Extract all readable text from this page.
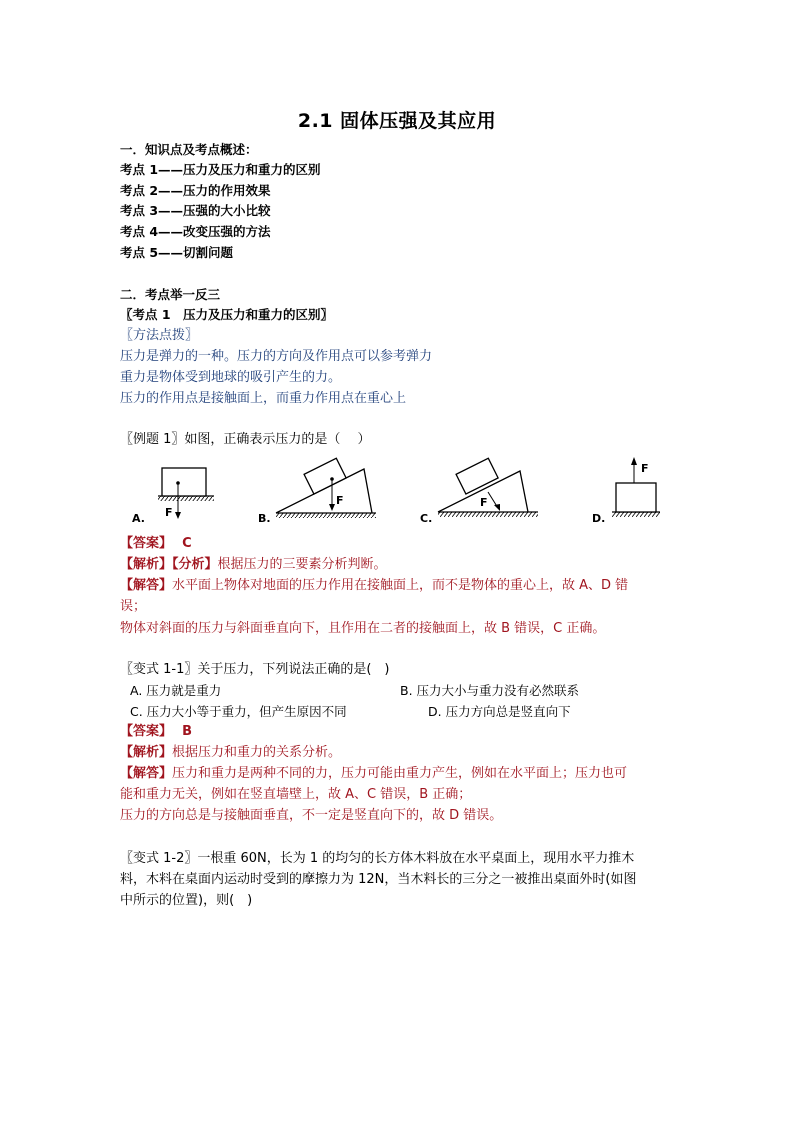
2.1 固体压强及其应用
一．知识点及考点概述：
考点 1——压力及压力和重力的区别
考点 2——压力的作用效果
考点 3——压强的大小比较
考点 4——改变压强的方法
考点 5——切割问题
二．考点举一反三
〖考点 1　压力及压力和重力的区别〗
〖方法点拨〗
压力是弹力的一种。压力的方向及作用点可以参考弹力
重力是物体受到地球的吸引产生的力。
压力的作用点是接触面上，而重力作用点在重心上
〖例题 1〗如图，正确表示压力的是（　 ）
F
F	F
F
A.	B.	C.	D.
【答案】 C
【解析】【分析】根据压力的三要素分析判断。
【解答】水平面上物体对地面的压力作用在接触面上，而不是物体的重心上，故 A、D 错
误；
物体对斜面的压力与斜面垂直向下，且作用在二者的接触面上，故 B 错误，C 正确。
〖变式 1-1〗关于压力，下列说法正确的是(　)
A. 压力就是重力	B. 压力大小与重力没有必然联系
C. 压力大小等于重力，但产生原因不同	D. 压力方向总是竖直向下
【答案】 B
【解析】根据压力和重力的关系分析。
【解答】压力和重力是两种不同的力，压力可能由重力产生，例如在水平面上；压力也可
能和重力无关，例如在竖直墙壁上，故 A、C 错误，B 正确；
压力的方向总是与接触面垂直，不一定是竖直向下的，故 D 错误。
〖变式 1-2〗一根重 60N，长为 1 的均匀的长方体木料放在水平桌面上，现用水平力推木
料，木料在桌面内运动时受到的摩擦力为 12N，当木料长的三分之一被推出桌面外时(如图
中所示的位置)，则(　)
